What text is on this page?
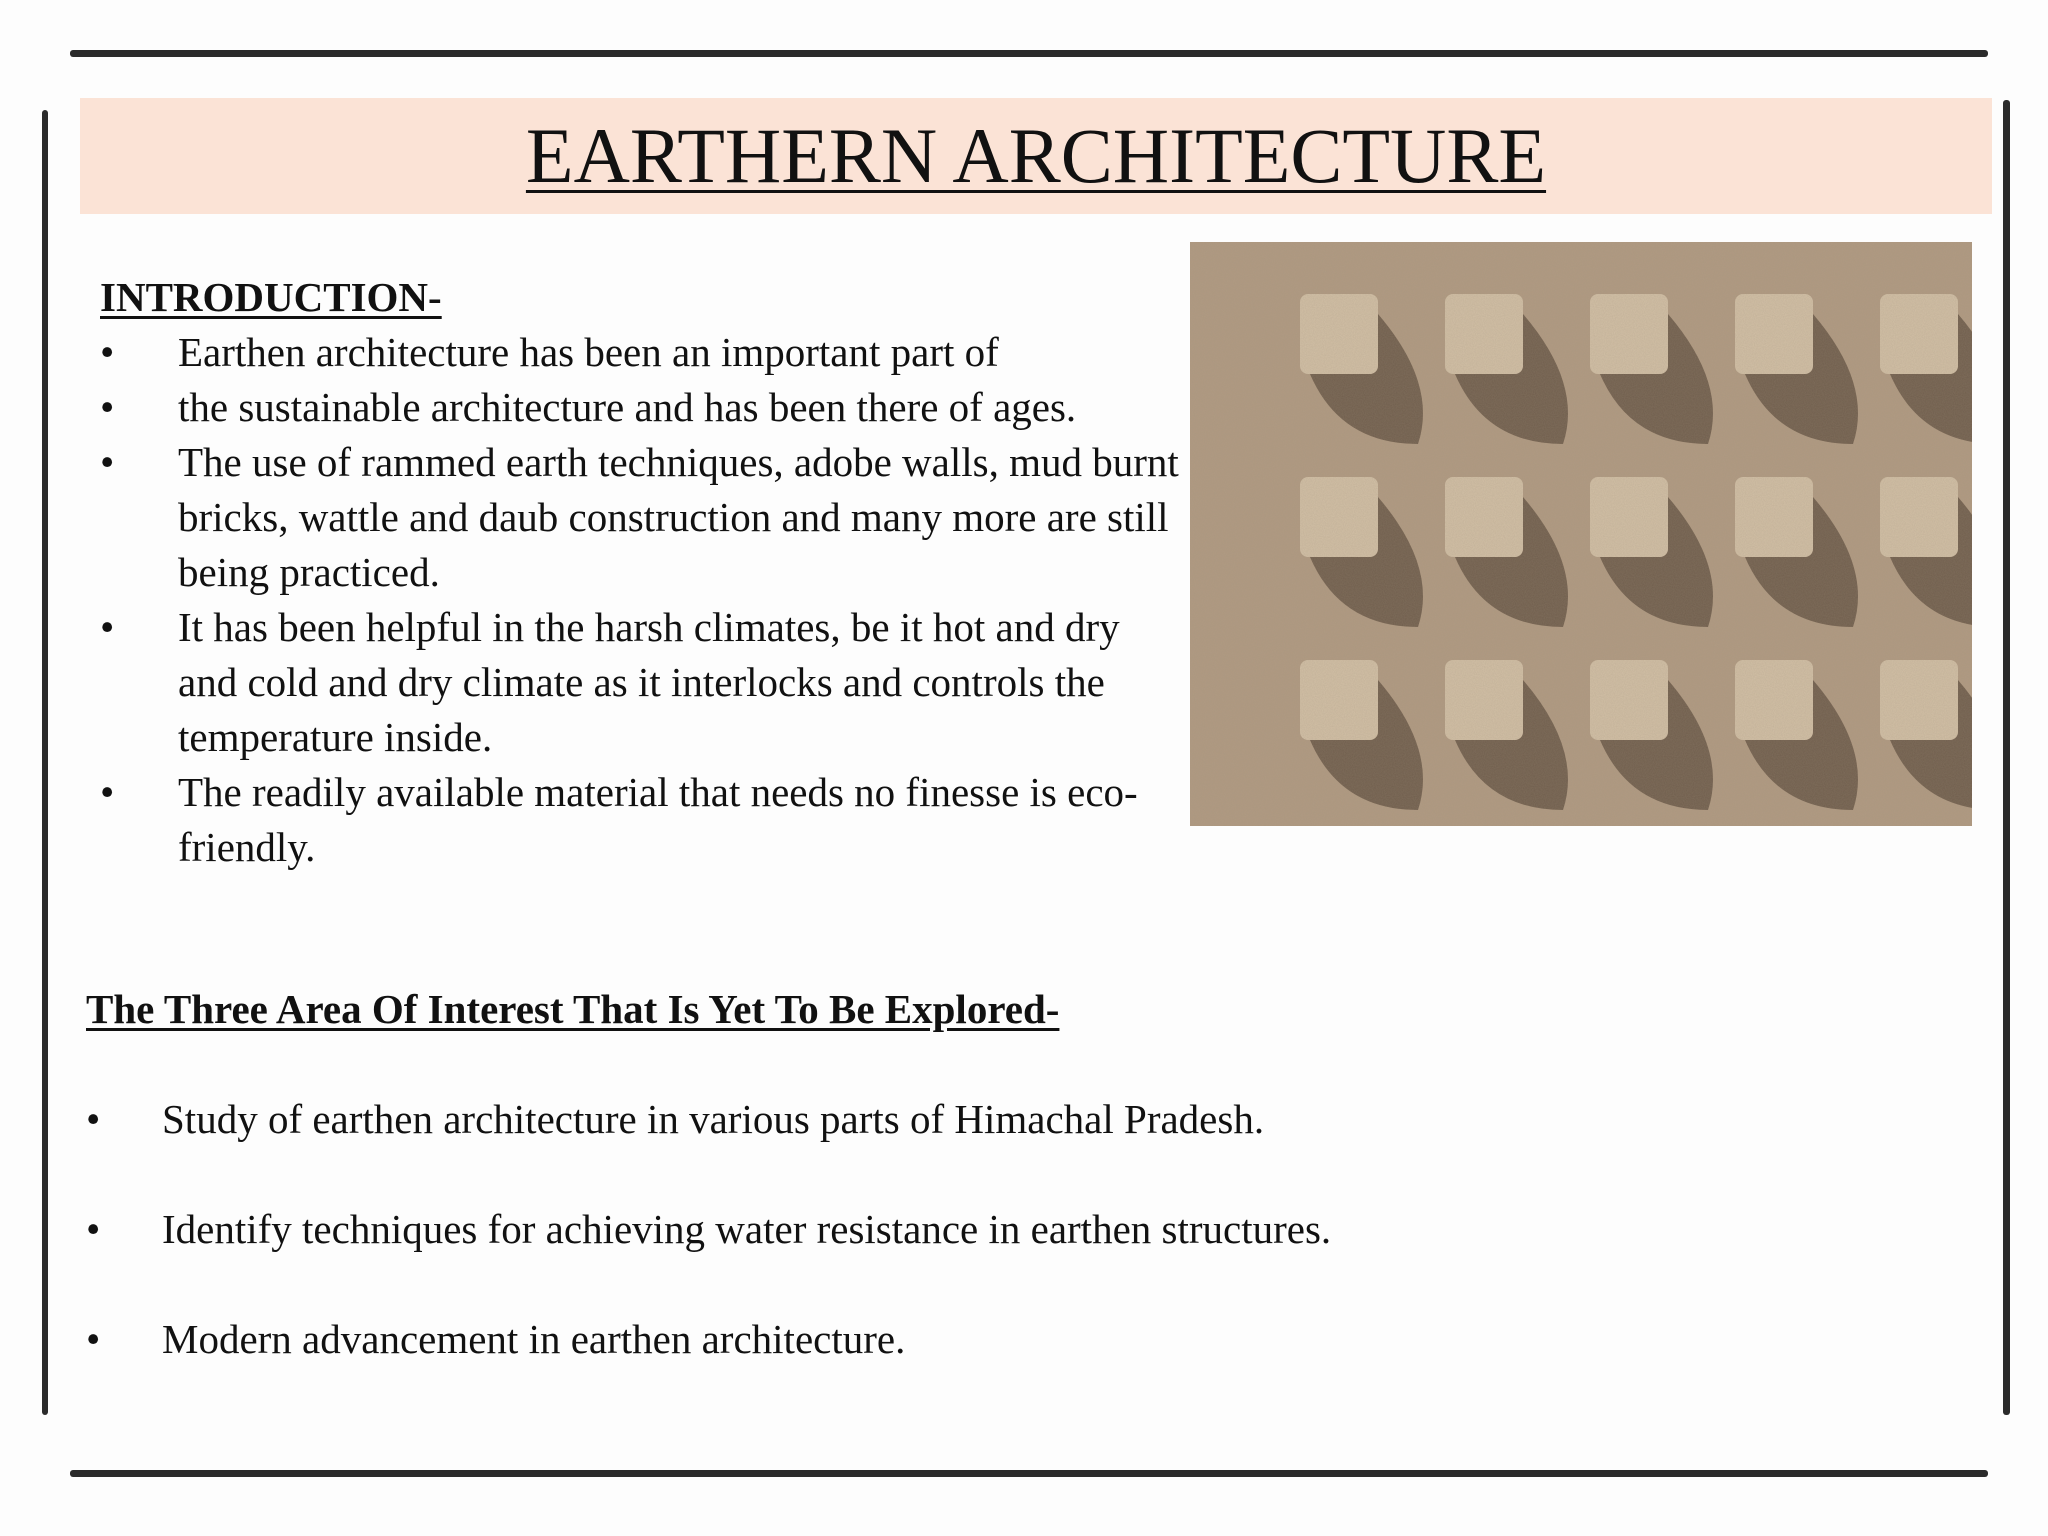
EARTHERN ARCHITECTURE
INTRODUCTION-
• Earthen architecture has been an important part of
• the sustainable architecture and has been there of ages.
• The use of rammed earth techniques, adobe walls, mud burnt bricks, wattle and daub construction and many more are still being practiced.
• It has been helpful in the harsh climates, be it hot and dry and cold and dry climate as it interlocks and controls the temperature inside.
• The readily available material that needs no finesse is eco-friendly.
The Three Area Of Interest That Is Yet To Be Explored-
• Study of earthen architecture in various parts of Himachal Pradesh.
• Identify techniques for achieving water resistance in earthen structures.
• Modern advancement in earthen architecture.
